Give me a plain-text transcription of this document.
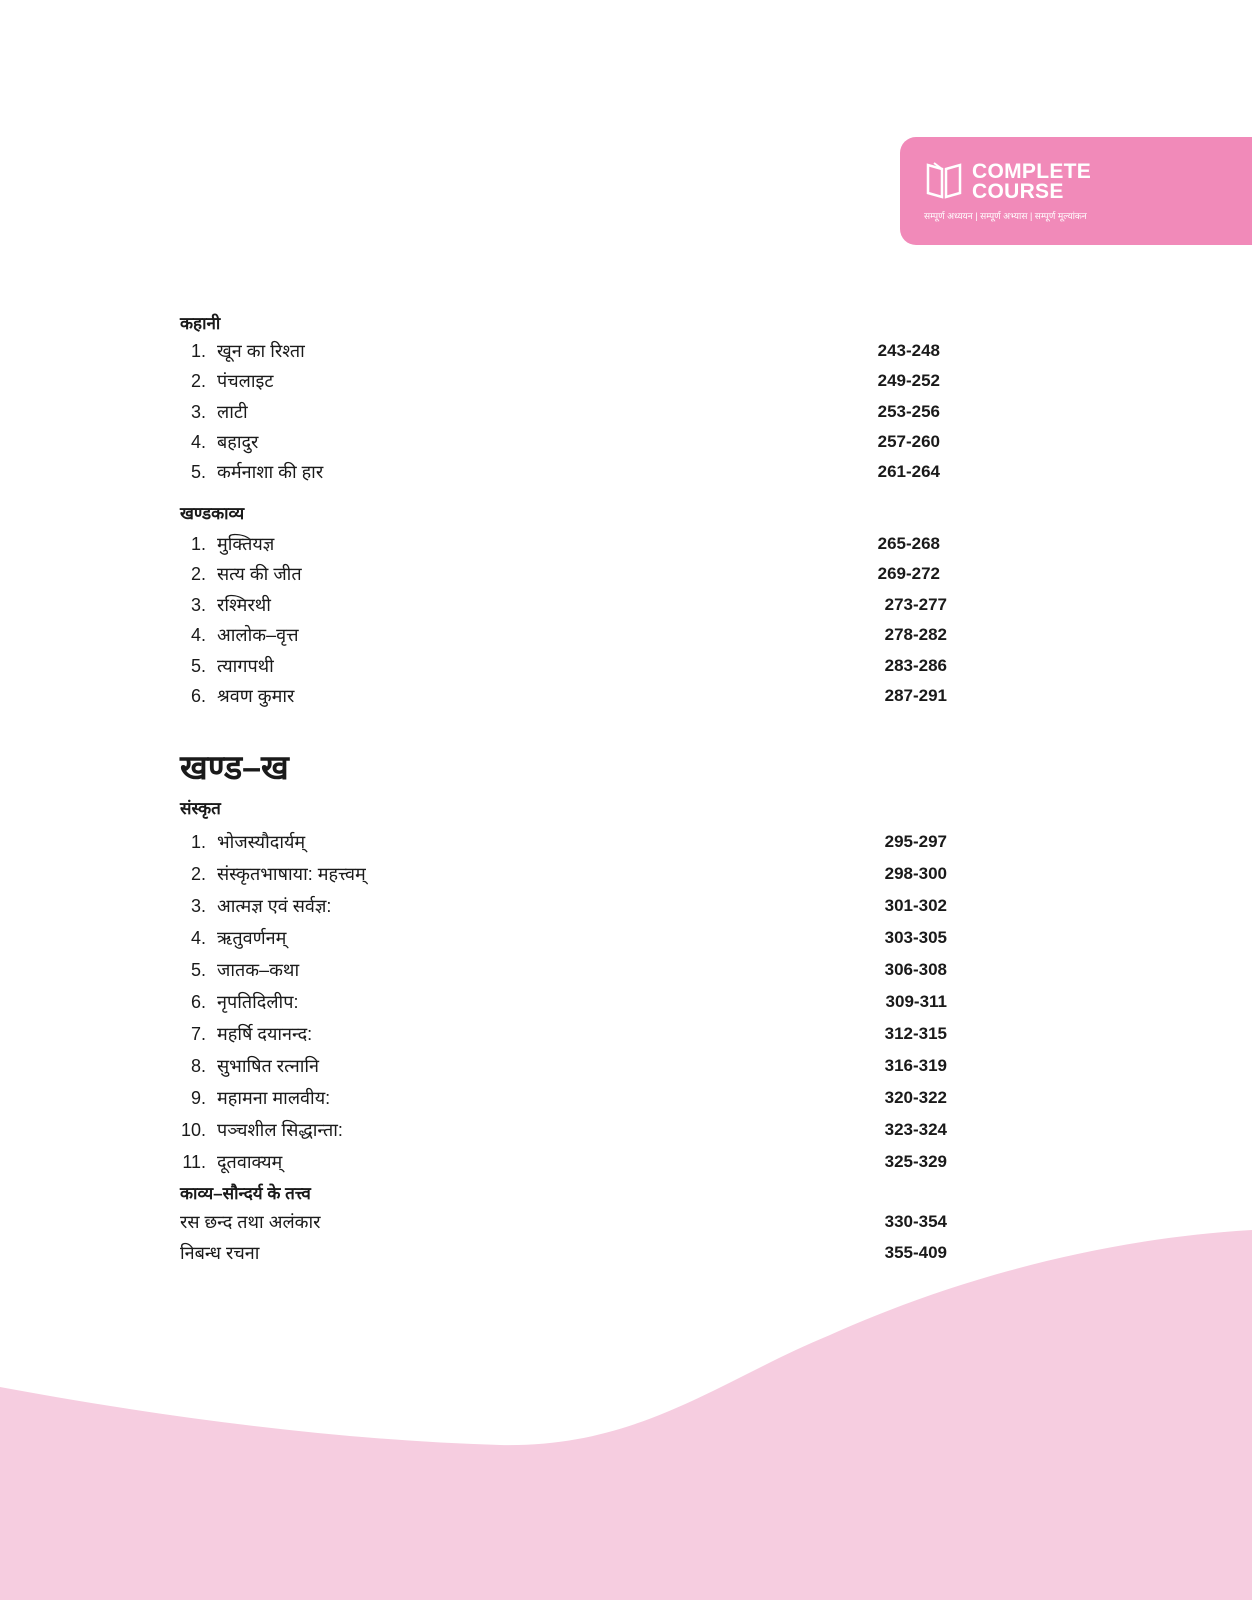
COMPLETE
COURSE
सम्पूर्ण अध्ययन | सम्पूर्ण अभ्यास | सम्पूर्ण मूल्यांकन
कहानी
1. खून का रिश्ता	243-248
2. पंचलाइट	249-252
3. लाटी	253-256
4. बहादुर	257-260
5. कर्मनाशा की हार	261-264
खण्डकाव्य
1. मुक्तियज्ञ	265-268
2. सत्य की जीत	269-272
3. रश्मिरथी	273-277
4. आलोक–वृत्त	278-282
5. त्यागपथी	283-286
6. श्रवण कुमार	287-291
खण्ड–ख
संस्कृत
1. भोजस्यौदार्यम्	295-297
2. संस्कृतभाषाया: महत्त्वम्	298-300
3. आत्मज्ञ एवं सर्वज्ञ:	301-302
4. ऋतुवर्णनम्	303-305
5. जातक–कथा	306-308
6. नृपतिदिलीप:	309-311
7. महर्षि दयानन्द:	312-315
8. सुभाषित रत्नानि	316-319
9. महामना मालवीय:	320-322
10. पञ्चशील सिद्धान्ता:	323-324
11. दूतवाक्यम्	325-329
काव्य–सौन्दर्य के तत्त्व
रस छन्द तथा अलंकार	330-354
निबन्ध रचना	355-409
